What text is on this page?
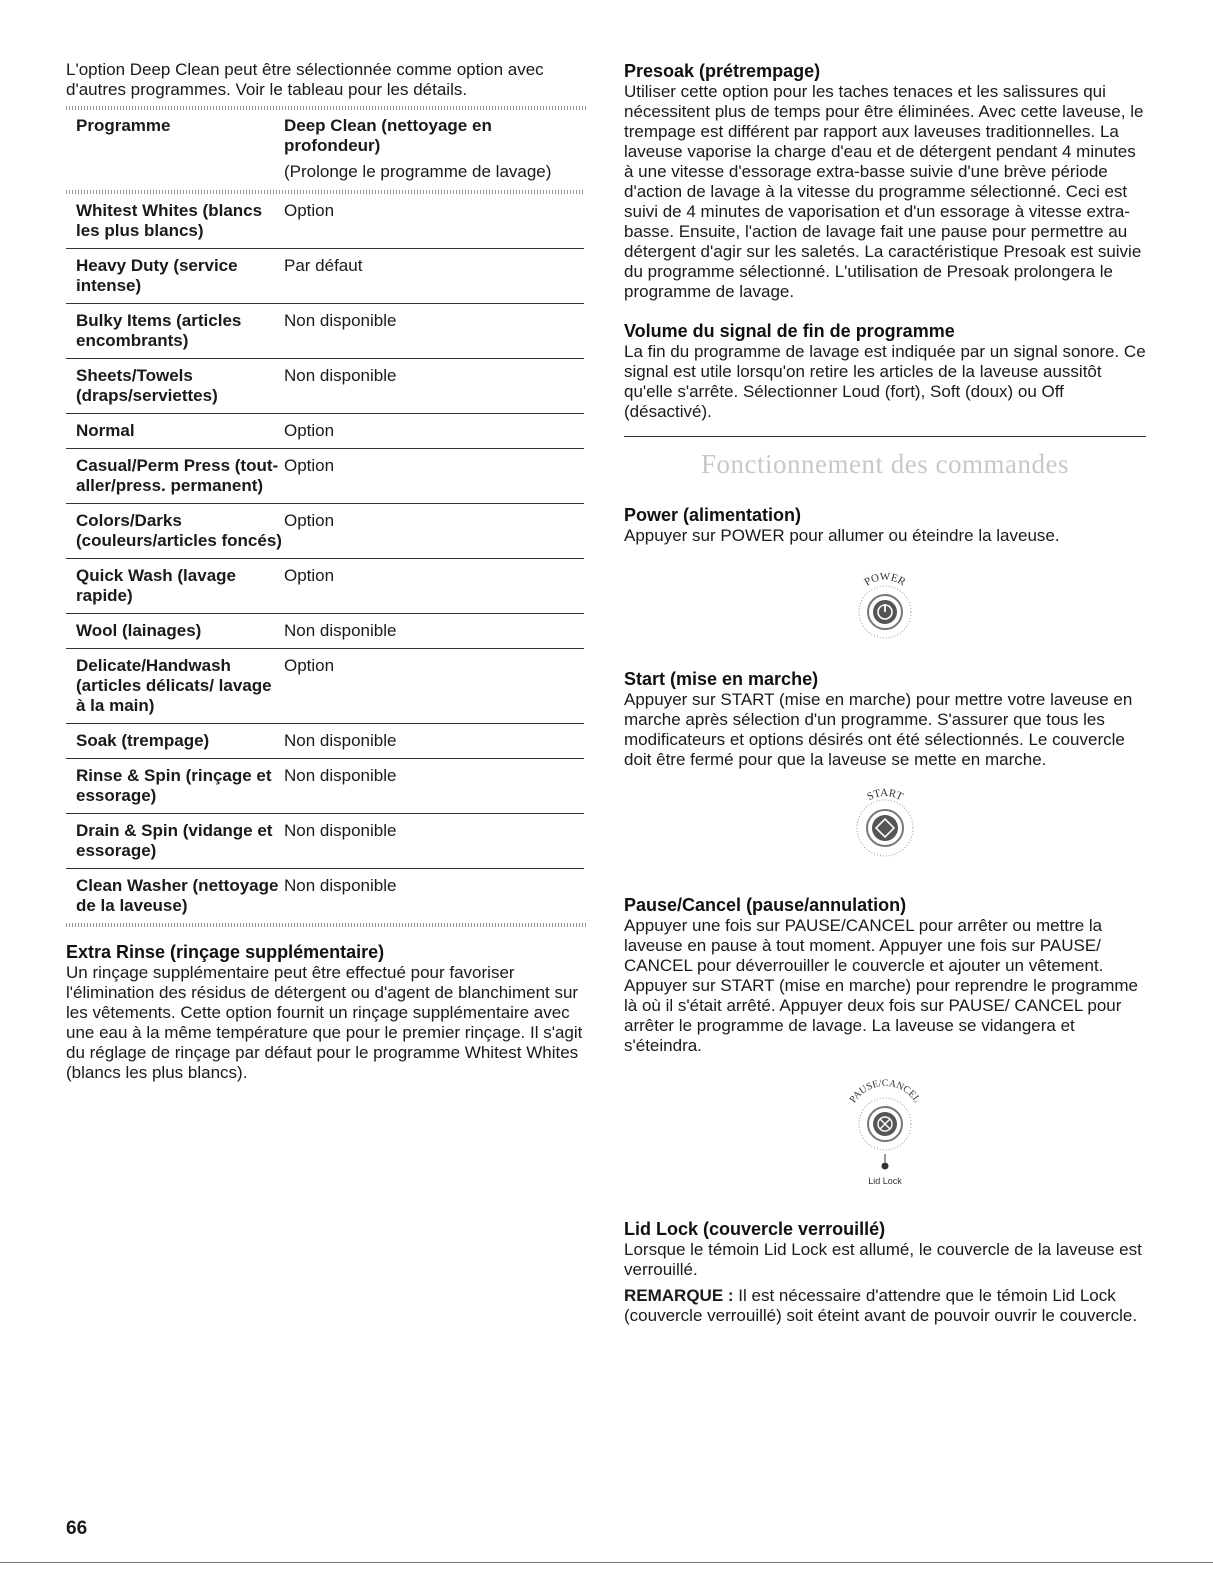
L'option Deep Clean peut être sélectionnée comme option avec d'autres programmes. Voir le tableau pour les détails.

Programme	Deep Clean (nettoyage en profondeur)
(Prolonge le programme de lavage)

Whitest Whites (blancs les plus blancs)	Option
Heavy Duty (service intense)	Par défaut
Bulky Items (articles encombrants)	Non disponible
Sheets/Towels (draps/serviettes)	Non disponible
Normal	Option
Casual/Perm Press (tout-aller/press. permanent)	Option
Colors/Darks (couleurs/articles foncés)	Option
Quick Wash (lavage rapide)	Option
Wool (lainages)	Non disponible
Delicate/Handwash (articles délicats/ lavage à la main)	Option
Soak (trempage)	Non disponible
Rinse & Spin (rinçage et essorage)	Non disponible
Drain & Spin (vidange et essorage)	Non disponible
Clean Washer (nettoyage de la laveuse)	Non disponible
Extra Rinse (rinçage supplémentaire)

Un rinçage supplémentaire peut être effectué pour favoriser l'élimination des résidus de détergent ou d'agent de blanchiment sur les vêtements. Cette option fournit un rinçage supplémentaire avec une eau à la même température que pour le premier rinçage. Il s'agit du réglage de rinçage par défaut pour le programme Whitest Whites (blancs les plus blancs).

Presoak (prétrempage)

Utiliser cette option pour les taches tenaces et les salissures qui nécessitent plus de temps pour être éliminées. Avec cette laveuse, le trempage est différent par rapport aux laveuses traditionnelles. La laveuse vaporise la charge d'eau et de détergent pendant 4 minutes à une vitesse d'essorage extra-basse suivie d'une brève période d'action de lavage à la vitesse du programme sélectionné. Ceci est suivi de 4 minutes de vaporisation et d'un essorage à vitesse extra-basse. Ensuite, l'action de lavage fait une pause pour permettre au détergent d'agir sur les saletés. La caractéristique Presoak est suivie du programme sélectionné. L'utilisation de Presoak prolongera le programme de lavage.

Volume du signal de fin de programme

La fin du programme de lavage est indiquée par un signal sonore. Ce signal est utile lorsqu'on retire les articles de la laveuse aussitôt qu'elle s'arrête. Sélectionner Loud (fort), Soft (doux) ou Off (désactivé).

Fonctionnement des commandes
Power (alimentation)

Appuyer sur POWER pour allumer ou éteindre la laveuse.

POWER
Start (mise en marche)

Appuyer sur START (mise en marche) pour mettre votre laveuse en marche après sélection d'un programme. S'assurer que tous les modificateurs et options désirés ont été sélectionnés. Le couvercle doit être fermé pour que la laveuse se mette en marche.

START
Pause/Cancel (pause/annulation)

Appuyer une fois sur PAUSE/CANCEL pour arrêter ou mettre la laveuse en pause à tout moment. Appuyer une fois sur PAUSE/ CANCEL pour déverrouiller le couvercle et ajouter un vêtement. Appuyer sur START (mise en marche) pour reprendre le programme là où il s'était arrêté. Appuyer deux fois sur PAUSE/ CANCEL pour arrêter le programme de lavage. La laveuse se vidangera et s'éteindra.

PAUSE/CANCEL
Lid Lock
Lid Lock (couvercle verrouillé)

Lorsque le témoin Lid Lock est allumé, le couvercle de la laveuse est verrouillé.

REMARQUE : Il est nécessaire d'attendre que le témoin Lid Lock (couvercle verrouillé) soit éteint avant de pouvoir ouvrir le couvercle.

66
